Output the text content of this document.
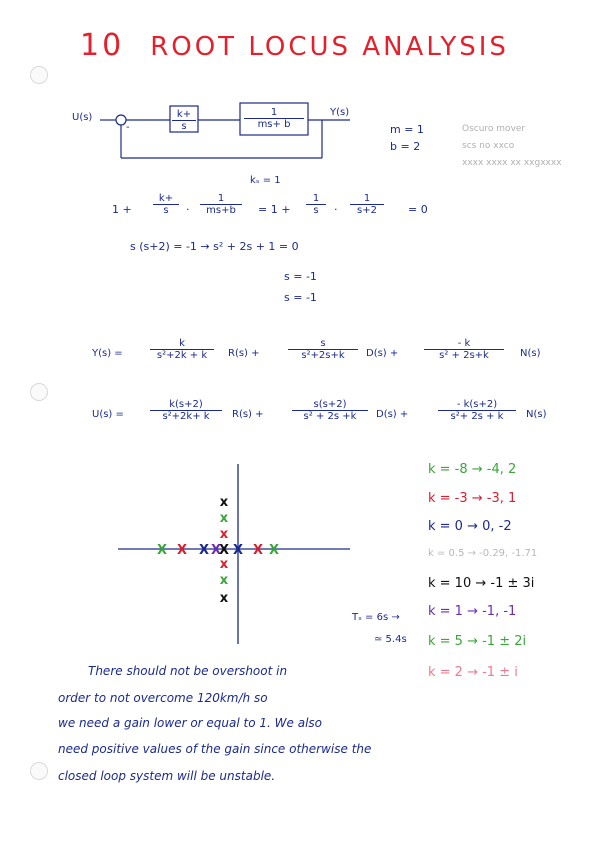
10 ROOT LOCUS ANALYSIS
U(s)
-
Y(s)
$\frac{k+}{s}$	$\frac{1}{ms+ b}$	m = 1
b = 2
Oscuro mover
scs no xxco
xxxx xxxx xx xxgxxxx
kₛ = 1
$1 + \frac{k+}{s} \cdot \frac{1}{ms+b} = 1 + \frac{1}{s} \cdot \frac{1}{s+2} = 0$
s (s+2) = -1 → s² + 2s + 1 = 0
s = -1
s = -1
Y(s) =	$\frac{k}{\text{s²+2k + k}} R(s)$ +	$\frac{s}{\text{s²+2s+k}} D(s)$ +	$\frac{- k}{\text{s² + 2s+k}} N(s)$
U(s) =	$\frac{k(s+2)}{\text{s²+2k+ k}} R(s)$ +	$\frac{s(s+2)}{\text{s² + 2s +k}} D(s)$ +	$\frac{- k(s+2)}{\text{s²+ 2s + k}} N(s)$
X	X
X	X
X X
X
X
x
x
x
x
x
x
k = -8 → -4, 2
k = -3 → -3, 1
k = 0 → 0, -2
k = 0.5 → -0.29, -1.71
k = 10 → -1 ± 3i
k = 1 → -1, -1
k = 5 → -1 ± 2i
k = 2 → -1 ± i
Tₛ = 6s →
≃ 5.4s
There should not be overshoot in
order to not overcome 120km/h so
we need a gain lower or equal to 1. We also
need positive values of the gain since otherwise the
closed loop system will be unstable.
